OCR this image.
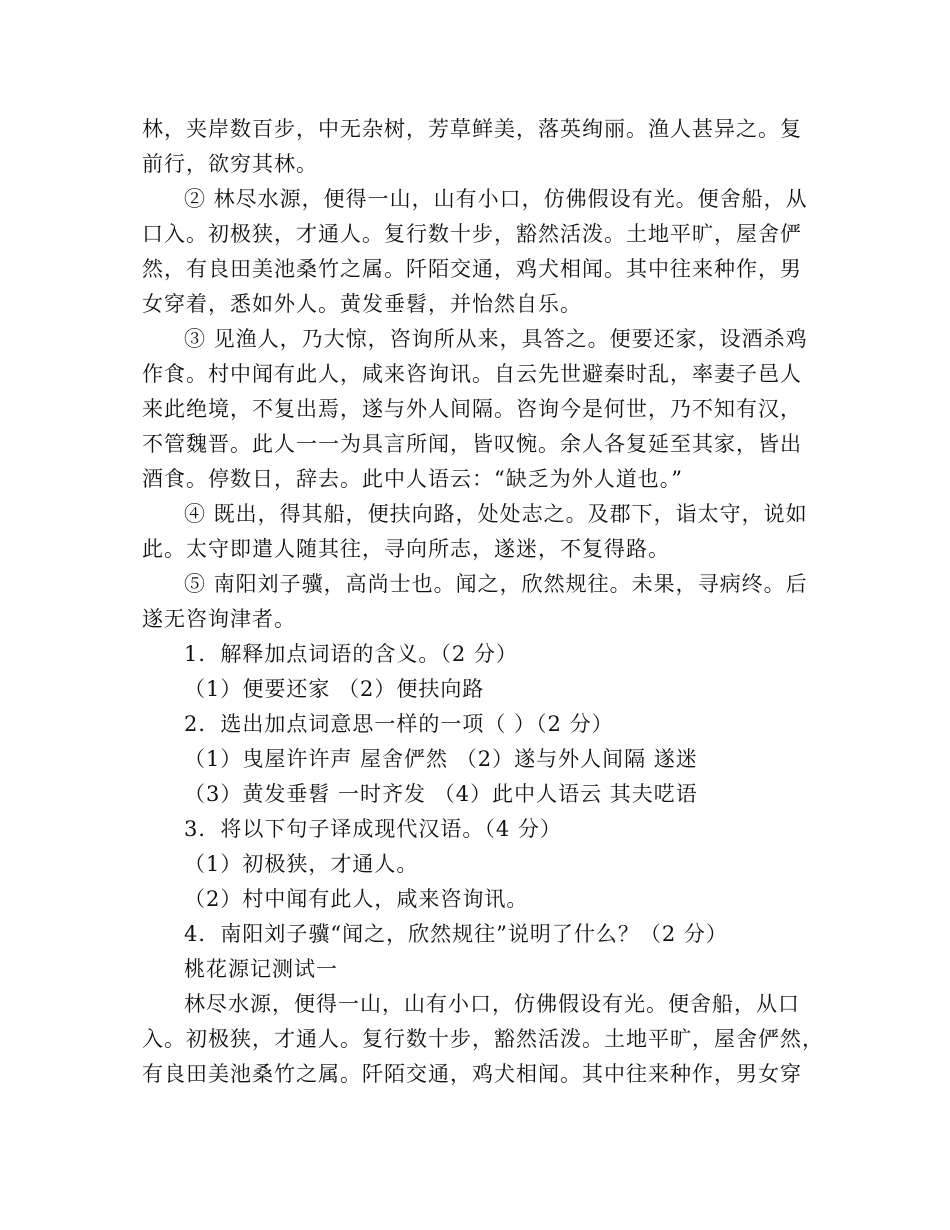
林，夹岸数百步，中无杂树，芳草鲜美，落英绚丽。渔人甚异之。复
前行，欲穷其林。
② 林尽水源，便得一山，山有小口，仿佛假设有光。便舍船，从
口入。初极狭，才通人。复行数十步，豁然活泼。土地平旷，屋舍俨
然，有良田美池桑竹之属。阡陌交通，鸡犬相闻。其中往来种作，男
女穿着，悉如外人。黄发垂髫，并怡然自乐。
③ 见渔人，乃大惊，咨询所从来，具答之。便要还家，设酒杀鸡
作食。村中闻有此人，咸来咨询讯。自云先世避秦时乱，率妻子邑人
来此绝境，不复出焉，遂与外人间隔。咨询今是何世，乃不知有汉，
不管魏晋。此人一一为具言所闻，皆叹惋。余人各复延至其家，皆出
酒食。停数日，辞去。此中人语云：“缺乏为外人道也。”
④ 既出，得其船，便扶向路，处处志之。及郡下，诣太守，说如
此。太守即遣人随其往，寻向所志，遂迷，不复得路。
⑤ 南阳刘子骥，高尚士也。闻之，欣然规往。未果，寻病终。后
遂无咨询津者。
1．解释加点词语的含义。（2 分）
（1）便要还家 （2）便扶向路
2．选出加点词意思一样的一项（ ）（2 分）
（1）曳屋许许声 屋舍俨然 （2）遂与外人间隔 遂迷
（3）黄发垂髫 一时齐发 （4）此中人语云 其夫呓语
3．将以下句子译成现代汉语。（4 分）
（1）初极狭，才通人。
（2）村中闻有此人，咸来咨询讯。
4．南阳刘子骥“闻之，欣然规往”说明了什么？（2 分）
桃花源记测试一
林尽水源，便得一山，山有小口，仿佛假设有光。便舍船，从口
入。初极狭，才通人。复行数十步，豁然活泼。土地平旷，屋舍俨然，
有良田美池桑竹之属。阡陌交通，鸡犬相闻。其中往来种作，男女穿
